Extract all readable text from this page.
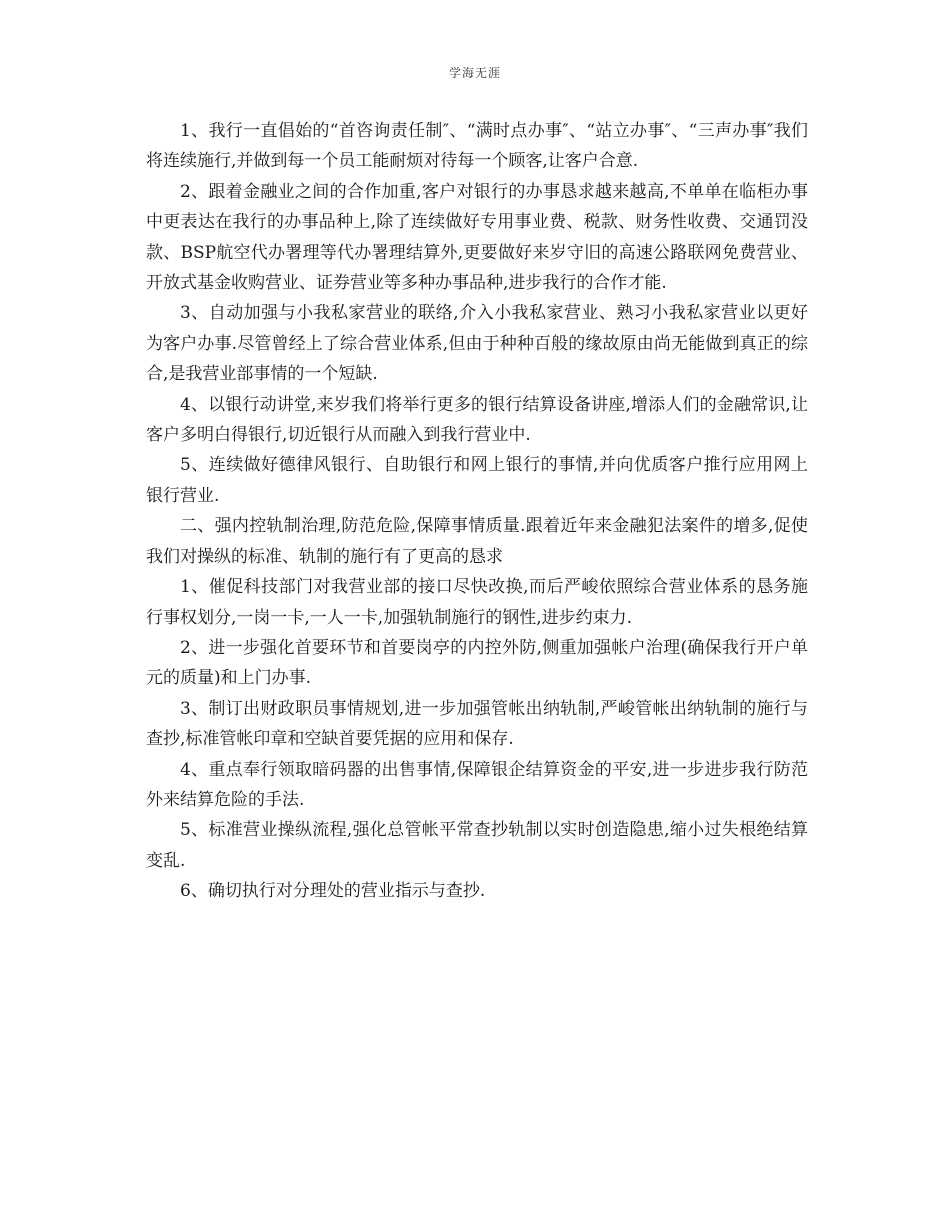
学海无涯

1、我行一直倡始的“首咨询责任制″、“满时点办事″、“站立办事″、“三声办事″我们将连续施行,并做到每一个员工能耐烦对待每一个顾客,让客户合意.

2、跟着金融业之间的合作加重,客户对银行的办事恳求越来越高,不单单在临柜办事中更表达在我行的办事品种上,除了连续做好专用事业费、税款、财务性收费、交通罚没款、BSP航空代办署理等代办署理结算外,更要做好来岁守旧的高速公路联网免费营业、开放式基金收购营业、证券营业等多种办事品种,进步我行的合作才能.

3、自动加强与小我私家营业的联络,介入小我私家营业、熟习小我私家营业以更好为客户办事.尽管曾经上了综合营业体系,但由于种种百般的缘故原由尚无能做到真正的综合,是我营业部事情的一个短缺.

4、以银行动讲堂,来岁我们将举行更多的银行结算设备讲座,增添人们的金融常识,让客户多明白得银行,切近银行从而融入到我行营业中.

5、连续做好德律风银行、自助银行和网上银行的事情,并向优质客户推行应用网上银行营业.

二、强内控轨制治理,防范危险,保障事情质量.跟着近年来金融犯法案件的增多,促使我们对操纵的标准、轨制的施行有了更高的恳求

1、催促科技部门对我营业部的接口尽快改换,而后严峻依照综合营业体系的恳务施行事权划分,一岗一卡,一人一卡,加强轨制施行的钢性,进步约束力.

2、进一步强化首要环节和首要岗亭的内控外防,侧重加强帐户治理(确保我行开户单元的质量)和上门办事.

3、制订出财政职员事情规划,进一步加强管帐出纳轨制,严峻管帐出纳轨制的施行与查抄,标准管帐印章和空缺首要凭据的应用和保存.

4、重点奉行领取暗码器的出售事情,保障银企结算资金的平安,进一步进步我行防范外来结算危险的手法.

5、标准营业操纵流程,强化总管帐平常查抄轨制以实时创造隐患,缩小过失根绝结算变乱.

6、确切执行对分理处的营业指示与查抄.
